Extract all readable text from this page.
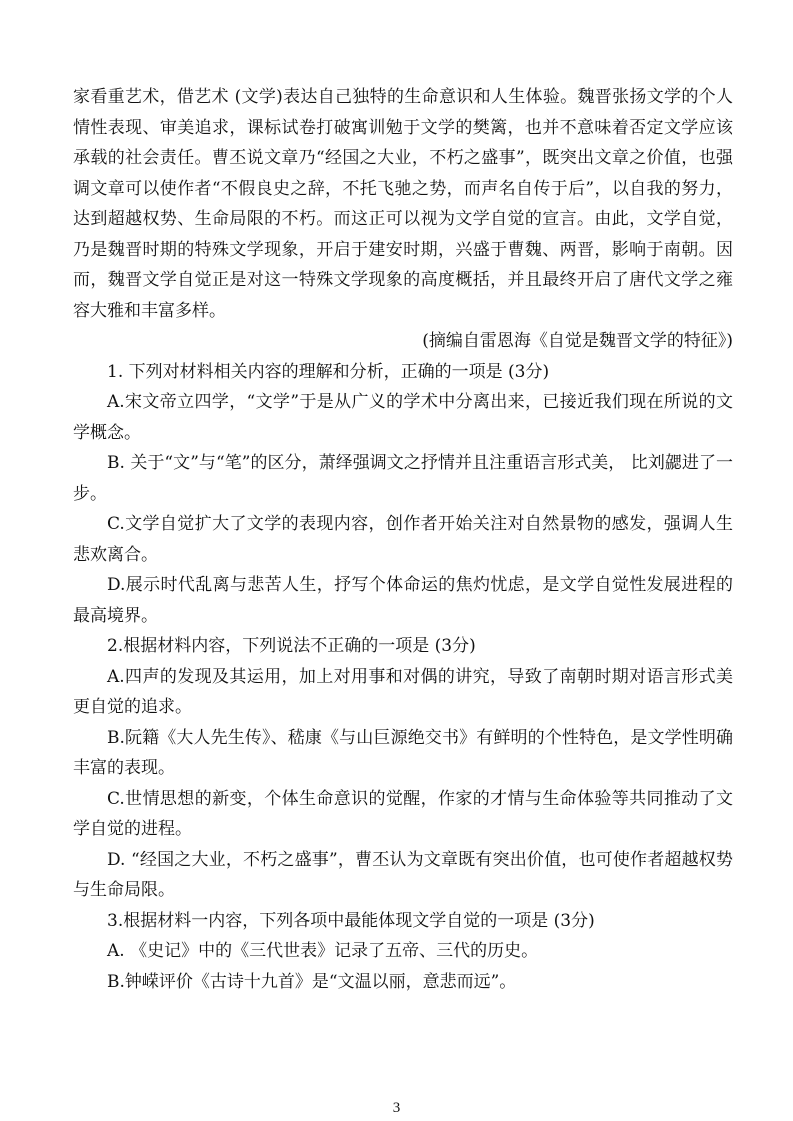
家看重艺术，借艺术 (文学)表达自己独特的生命意识和人生体验。魏晋张扬文学的个人情性表现、审美追求，课标试卷打破寓训勉于文学的樊篱，也并不意味着否定文学应该承载的社会责任。曹丕说文章乃“经国之大业，不朽之盛事”，既突出文章之价值，也强调文章可以使作者“不假良史之辞，不托飞驰之势，而声名自传于后”，以自我的努力，达到超越权势、生命局限的不朽。而这正可以视为文学自觉的宣言。由此，文学自觉，乃是魏晋时期的特殊文学现象，开启于建安时期，兴盛于曹魏、两晋，影响于南朝。因而，魏晋文学自觉正是对这一特殊文学现象的高度概括，并且最终开启了唐代文学之雍容大雅和丰富多样。

(摘编自雷恩海《自觉是魏晋文学的特征》)

1. 下列对材料相关内容的理解和分析，正确的一项是 (3分)

A.宋文帝立四学，“文学”于是从广义的学术中分离出来，已接近我们现在所说的文学概念。

B. 关于“文”与“笔”的区分，萧绎强调文之抒情并且注重语言形式美， 比刘勰进了一步。

C.文学自觉扩大了文学的表现内容，创作者开始关注对自然景物的感发，强调人生悲欢离合。

D.展示时代乱离与悲苦人生，抒写个体命运的焦灼忧虑，是文学自觉性发展进程的最高境界。

2.根据材料内容，下列说法不正确的一项是 (3分)

A.四声的发现及其运用，加上对用事和对偶的讲究，导致了南朝时期对语言形式美更自觉的追求。

B.阮籍《大人先生传》、嵇康《与山巨源绝交书》有鲜明的个性特色，是文学性明确丰富的表现。

C.世情思想的新变，个体生命意识的觉醒，作家的才情与生命体验等共同推动了文学自觉的进程。

D. “经国之大业，不朽之盛事”，曹丕认为文章既有突出价值，也可使作者超越权势与生命局限。

3.根据材料一内容，下列各项中最能体现文学自觉的一项是 (3分)

A. 《史记》中的《三代世表》记录了五帝、三代的历史。

B.钟嵘评价《古诗十九首》是“文温以丽，意悲而远”。

3
